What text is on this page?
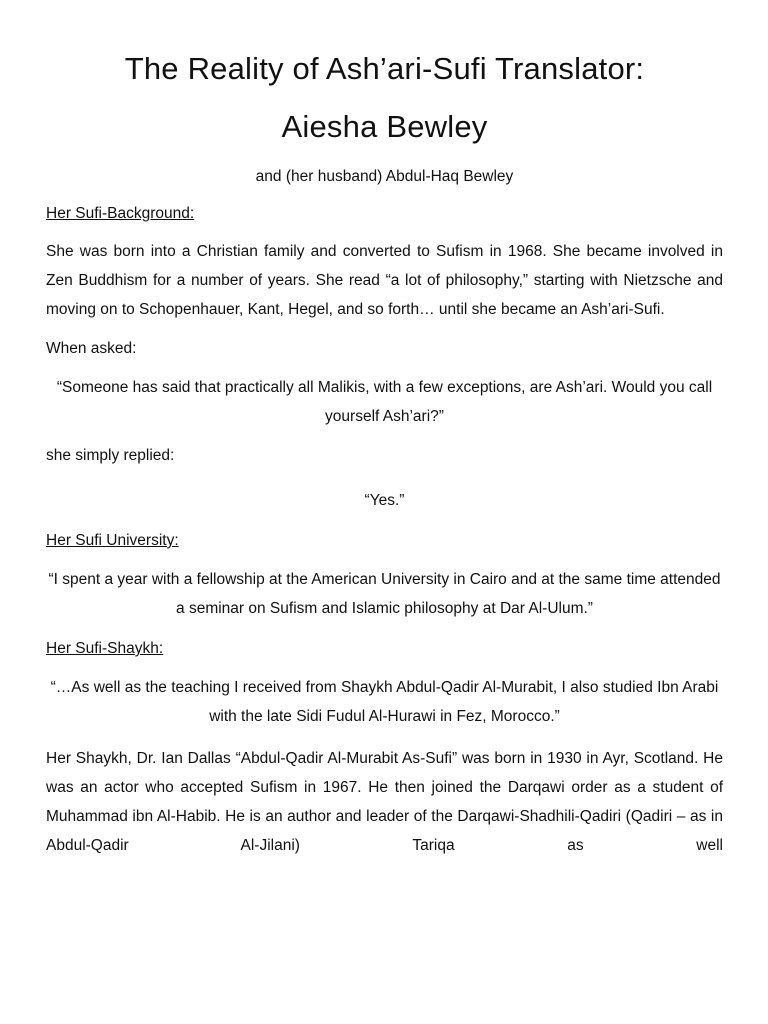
The Reality of Ash’ari-Sufi Translator:
Aiesha Bewley
and (her husband) Abdul-Haq Bewley
Her Sufi-Background:
She was born into a Christian family and converted to Sufism in 1968. She became involved in Zen Buddhism for a number of years. She read “a lot of philosophy,” starting with Nietzsche and moving on to Schopenhauer, Kant, Hegel, and so forth… until she became an Ash’ari-Sufi.
When asked:
“Someone has said that practically all Malikis, with a few exceptions, are Ash’ari. Would you call yourself Ash’ari?”
she simply replied:
“Yes.”
Her Sufi University:
“I spent a year with a fellowship at the American University in Cairo and at the same time attended a seminar on Sufism and Islamic philosophy at Dar Al-Ulum.”
Her Sufi-Shaykh:
“…As well as the teaching I received from Shaykh Abdul-Qadir Al-Murabit, I also studied Ibn Arabi with the late Sidi Fudul Al-Hurawi in Fez, Morocco.”
Her Shaykh, Dr. Ian Dallas “Abdul-Qadir Al-Murabit As-Sufi” was born in 1930 in Ayr, Scotland. He was an actor who accepted Sufism in 1967. He then joined the Darqawi order as a student of Muhammad ibn Al-Habib. He is an author and leader of the Darqawi-Shadhili-Qadiri (Qadiri – as in Abdul-Qadir Al-Jilani) Tariqa as well
